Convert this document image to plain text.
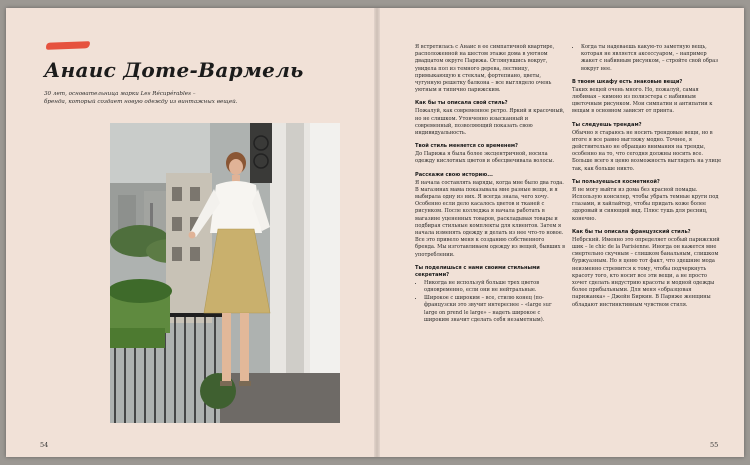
Анаис Доте-Вармель
30 лет, основательница марки Les Récupérables –
бренда, который создает новую одежду из винтажных вещей.
54

Я встретилась с Анаис в ее симпатичной квартире, расположенной на шестом этаже дома в уютном двадцатом округе Парижа. Оглянувшись вокруг, увидела пол из темного дерева, лестницу, примыкающую к стеклам, фортепиано, цветы, чугунную решетку балкона – все выглядело очень уютным и типично парижским.

Как бы ты описала свой стиль?

Пожалуй, как современное ретро. Яркий и красочный, но не слишком. Утонченно изысканный и современный, позволяющий показать свою индивидуальность.

Твой стиль меняется со временем?

До Парижа я была более эксцентричной, носила одежду кислотных цветов и обесцвечивала волосы.

Расскажи свою историю...

Я начала составлять наряды, когда мне было два года. В магазинах мама показывала мне разные вещи, и я выбирала одну из них. Я всегда знала, чего хочу. Особенно если дело касалось цветов и тканей с рисунком. После колледжа я начала работать в магазине уцененных товаров, раскладывая товары и подбирая стильные комплекты для клиентов. Затем я начала изменять одежду и делать из нее что-то новое. Все это привело меня к созданию собственного бренда. Мы изготавливаем одежду из вещей, бывших в употреблении.

Ты поделишься с нами своими стильными секретами?
• Никогда не используй больше трех цветов одновременно, если они не нейтральные.
• Широкое с широким – все, стилю конец (по-французски это звучит интереснее – «large sur large on prend le large» – надеть широкое с широким значит сделать себя незаметным).
• Когда ты надеваешь какую-то заметную вещь, которая не является аксессуаром, – например жакет с набивным рисунком, – стройте свой образ вокруг нее.
В твоем шкафу есть знаковые вещи?

Таких вещей очень много. Но, пожалуй, самая любимая – кимоно из полиэстера с набивным цветочным рисунком. Мои симпатии и антипатии к вещам в основном зависят от принта.

Ты следуешь трендам?

Обычно я стараюсь не носить трендовые вещи, но в итоге я все равно выгляжу модно. Точнее, я действительно не обращаю внимания на тренды, особенно на то, что сегодня должны носить все. Больше всего я ценю возможность выглядеть на улице так, как больше никто.

Ты пользуешься косметикой?

Я не могу выйти из дома без красной помады. Использую консилер, чтобы убрать темные круги под глазами, и хайлайтер, чтобы придать коже более здоровый и сияющий вид. Плюс тушь для ресниц, конечно.

Как бы ты описала французский стиль?

Небрский. Именно это определяет особый парижский шик – le chic de la Parisienne. Иногда он кажется мне смертельно скучным – слишком банальным, слишком буржуазным. Но я ценю тот факт, что здешние мода неизменно стремится к тому, чтобы подчеркнуть красоту того, кто носит все эти вещи, а не просто хочет сделать индустрию красоты и модной одежды более прибыльными. Для меня «образцовая парижанка» – Джейн Биркин. В Париже женщины обладают инстинктивным чувством стиля.

55
